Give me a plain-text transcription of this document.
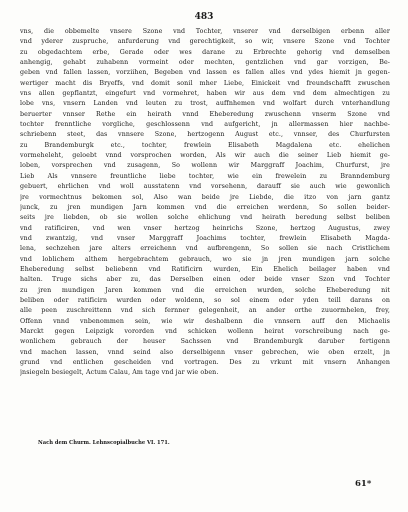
483
vns, die obbemelte vnsere Szone vnd Tochter, vnserer vnd derselbigen erbenn aller
vnd yderer zuspruche, anfurderung vnd gerechtigkeit, so wir, vnsere Szone vnd Tochter
zu obgedachtem erbe, Gerade oder wes darane zu Erbrechte gehorig vnd demselben
anhengig, gehabt zuhabenn vormeint oder mechten, gentzlichen vnd gar vorzigen, Be-
geben vnd fallen lassen, vorziihen, Begeben vnd lassen es fallen alles vnd ydes hiemit jn gegen-
wertiger macht dis Bryeffs, vnd domit sonil mher Liebe, Einickeit vnd freundschafft zwuschen
vns allen gepflantzt, eingefurt vnd vormehret, haben wir aus dem vnd dem almechtigen zu
lobe vns, vnsern Landen vnd leuten zu trost, auffnhemen vnd wolfart durch vnterhandlung
beruerter vnnser Rethe ein heirath vnnd Eheberedung zwuschenn vnserm Szone vnd
tochter frenntliche vorgliche, geschlossenn vnd aufgericht, jn allermassen hier nachbe-
schriebenn steet, das vnnsere Szone, hertzogenn August etc., vnnser, des Churfursten
zu Brandemburgk etc., tochter, frewlein Elisabeth Magdalena etc. ehelichen
vormeheleht, geloebt vnnd vorsprochen worden, Als wir auch die seiner Lieb hiemit ge-
loben, vorsprechen vnd zusagenn, So wollenn wir Marggraff Joachim, Churfurst, jre
Lieb Als vnnsere freuntliche liebe tochter, wie ein frewelein zu Branndemburg
gebuert, ehrlichen vnd woll ausstatenn vnd vorsehenn, darauff sie auch wie gewonlich
jre vormechtnus bekomen sol, Also wan beide jre Liebde, die itzo von jarn gantz
junck, zu jren mundigen Jarn kommen vnd die erreichen werdenn, So sollen beider-
seits jre liebden, ob sie wollen solche ehlichung vnd heirath beredung selbst beliben
vnd ratificiren, vnd wen vnser hertzog heinrichs Szone, hertzog Augustus, zwey
vnd zwantzig, vnd vnser Marggraff Joachims tochter, frewlein Elisabeth Magda-
lena, sechzehen jare alters erreichenn vnd aufbrengenn, So sollen sie nach Cristlichem
vnd loblichem althem hergebrachtem gebrauch, wo sie jn jren mundigen jarn solche
Eheberedung selbst beliebenn vnd Ratificirn wurden, Ein Ehelich beilager haben vnd
halten. Truge sichs aber zu, das Derselben einen oder beide vnser Szon vnd Tochter
zu jren mundigen Jaren kommen vnd die erreichen wurden, solche Eheberedung nit
beliben oder ratificirn wurden oder woldenn, so sol einem oder yden teill darans on
alle peen zuschreittenn vnd sich fernner gelegenheit, an ander orthe zuuormhelen, frey,
Offenn vnnd vnbenommen sein, wie wir deshalbenn die vnnsern auff den Michaelis
Marckt gegen Leipzigk vororden vnd schicken wollenn heirat vorschreibung nach ge-
wonlichem gebrauch der heuser Sachssen vnd Brandemburgk daruber fertigenn
vnd machen lassen, vnnd seind also derselbigenn vnser gebrechen, wie oben erzelt, jn
grund vnd entlichen gescheiden vnd vortragen. Des zu vrkunt mit vnsern Anhangen
jnsiegeln besiegelt, Actum Calau, Am tage vnd jar wie oben.
Nach dem Churm. Lehnscopialbuche VI. 171.
61*
